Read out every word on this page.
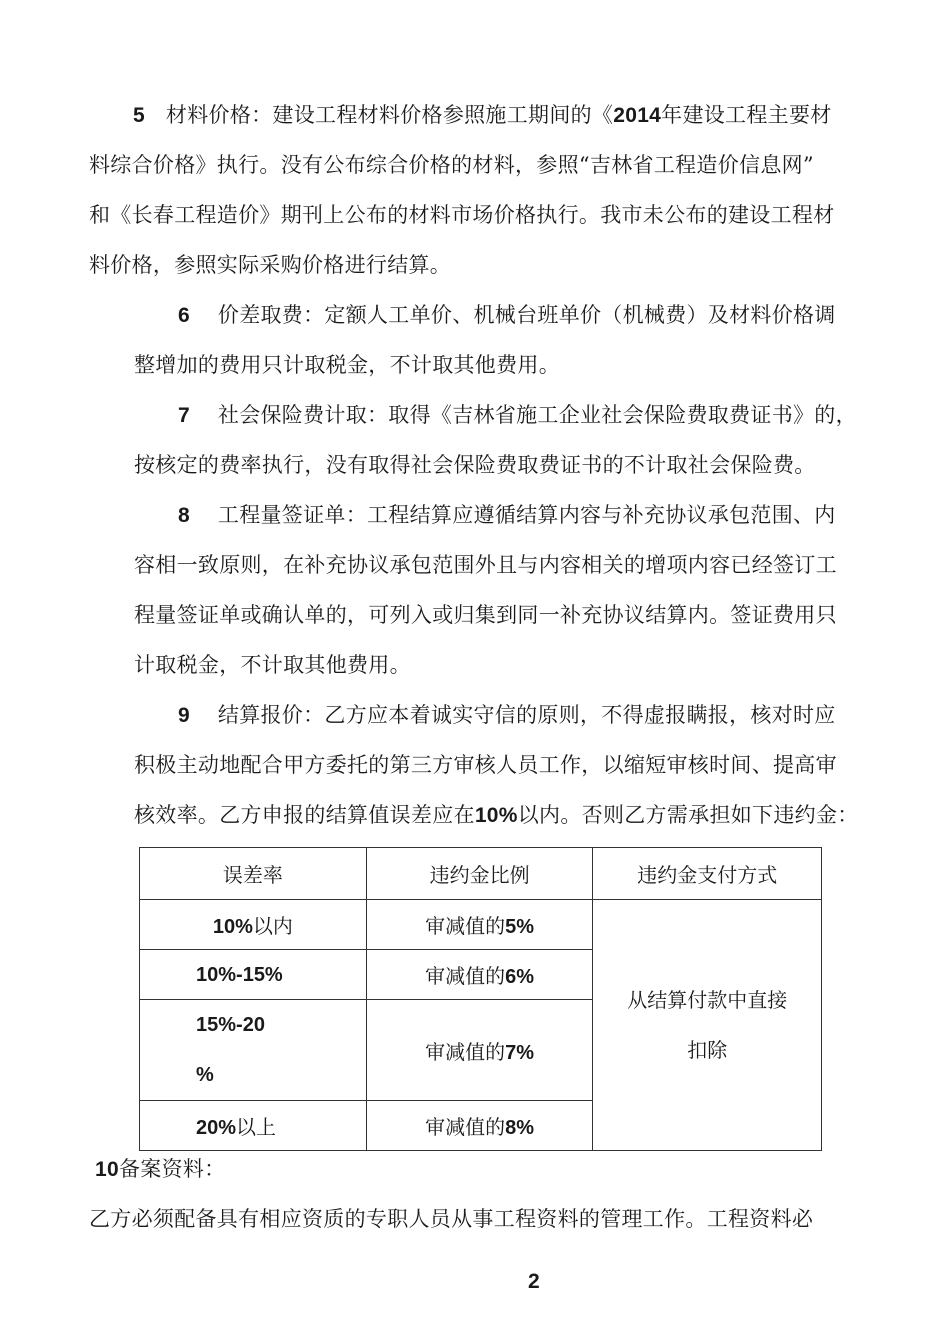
5 材料价格：建设工程材料价格参照施工期间的《2014年建设工程主要材
料综合价格》执行。没有公布综合价格的材料，参照“吉林省工程造价信息网”
和《长春工程造价》期刊上公布的材料市场价格执行。我市未公布的建设工程材
料价格，参照实际采购价格进行结算。
6 价差取费：定额人工单价、机械台班单价（机械费）及材料价格调
整增加的费用只计取税金，不计取其他费用。
7 社会保险费计取：取得《吉林省施工企业社会保险费取费证书》的，
按核定的费率执行，没有取得社会保险费取费证书的不计取社会保险费。
8 工程量签证单：工程结算应遵循结算内容与补充协议承包范围、内
容相一致原则，在补充协议承包范围外且与内容相关的增项内容已经签订工
程量签证单或确认单的，可列入或归集到同一补充协议结算内。签证费用只
计取税金，不计取其他费用。
9 结算报价：乙方应本着诚实守信的原则，不得虚报瞒报，核对时应
积极主动地配合甲方委托的第三方审核人员工作，以缩短审核时间、提高审
核效率。乙方申报的结算值误差应在10%以内。否则乙方需承担如下违约金：
误差率	违约金比例	违约金支付方式
10%以内	审减值的5%	从结算付款中直接
扣除

10%-15%	审减值的6%	

15%-20
%	审减值的7%	
20%以上	审减值的8%	
10备案资料：
乙方必须配备具有相应资质的专职人员从事工程资料的管理工作。工程资料必
2
